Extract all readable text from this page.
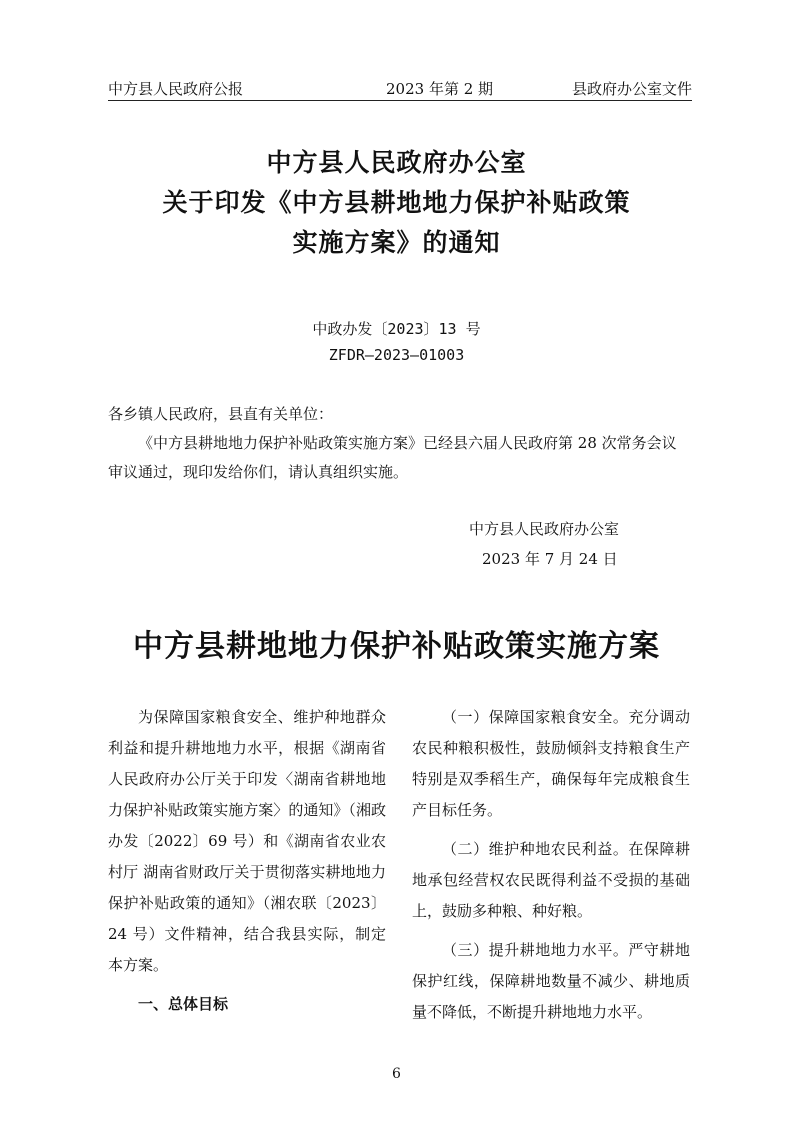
中方县人民政府公报	2023 年第 2 期	县政府办公室文件
中方县人民政府办公室
关于印发《中方县耕地地力保护补贴政策
实施方案》的通知
中政办发〔2023〕13 号
ZFDR—2023—01003
各乡镇人民政府，县直有关单位：
《中方县耕地地力保护补贴政策实施方案》已经县六届人民政府第 28 次常务会议审议通过，现印发给你们，请认真组织实施。
中方县人民政府办公室
2023 年 7 月 24 日
中方县耕地地力保护补贴政策实施方案

为保障国家粮食安全、维护种地群众利益和提升耕地地力水平，根据《湖南省人民政府办公厅关于印发〈湖南省耕地地力保护补贴政策实施方案〉的通知》（湘政办发〔2022〕69 号）和《湖南省农业农村厅 湖南省财政厅关于贯彻落实耕地地力保护补贴政策的通知》（湘农联〔2023〕24 号）文件精神，结合我县实际，制定本方案。

一、总体目标

（一）保障国家粮食安全。充分调动农民种粮积极性，鼓励倾斜支持粮食生产特别是双季稻生产，确保每年完成粮食生产目标任务。

（二）维护种地农民利益。在保障耕地承包经营权农民既得利益不受损的基础上，鼓励多种粮、种好粮。

（三）提升耕地地力水平。严守耕地保护红线，保障耕地数量不减少、耕地质量不降低，不断提升耕地地力水平。

6
